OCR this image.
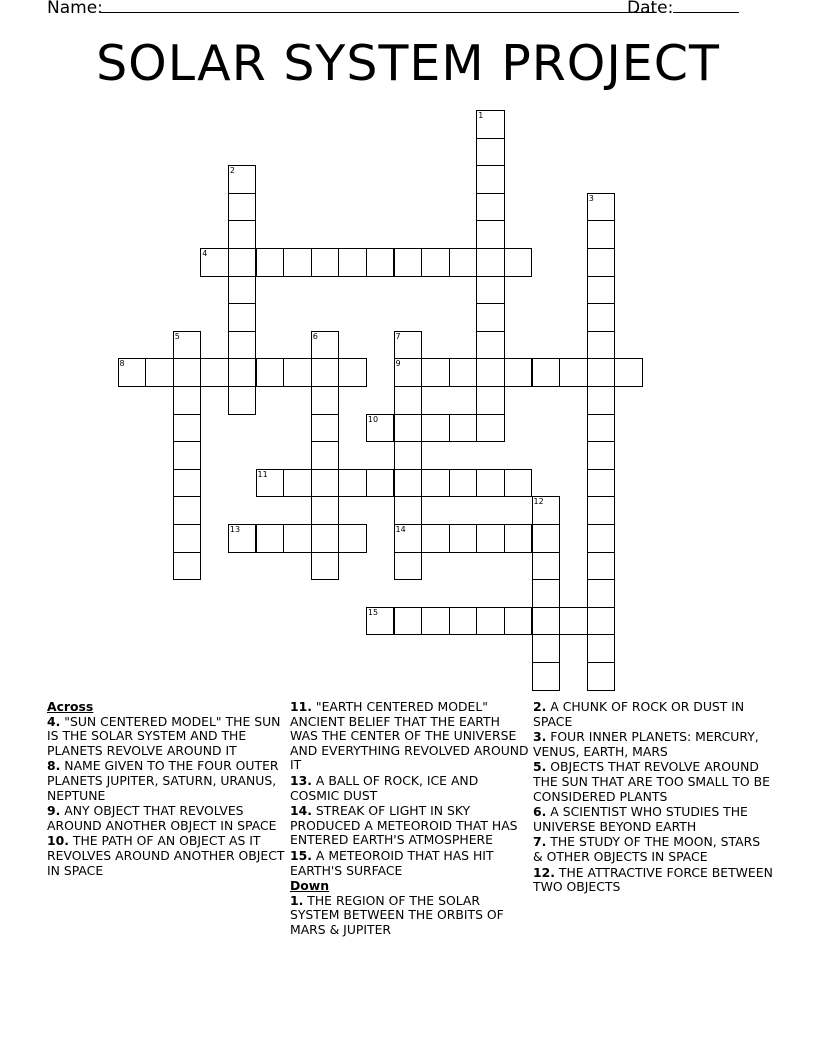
Name:	Date:
SOLAR SYSTEM PROJECT
1
2
3
4
5	6	7
9
14
8
10
11
12
13
15
Across
4. "SUN CENTERED MODEL" THE SUN IS THE SOLAR SYSTEM AND THE PLANETS REVOLVE AROUND IT
8. NAME GIVEN TO THE FOUR OUTER PLANETS JUPITER, SATURN, URANUS, NEPTUNE
9. ANY OBJECT THAT REVOLVES AROUND ANOTHER OBJECT IN SPACE
10. THE PATH OF AN OBJECT AS IT REVOLVES AROUND ANOTHER OBJECT IN SPACE
11. "EARTH CENTERED MODEL" ANCIENT BELIEF THAT THE EARTH WAS THE CENTER OF THE UNIVERSE AND EVERYTHING REVOLVED AROUND IT
13. A BALL OF ROCK, ICE AND COSMIC DUST
14. STREAK OF LIGHT IN SKY PRODUCED A METEOROID THAT HAS ENTERED EARTH'S ATMOSPHERE
15. A METEOROID THAT HAS HIT EARTH'S SURFACE
Down
1. THE REGION OF THE SOLAR SYSTEM BETWEEN THE ORBITS OF MARS & JUPITER
2. A CHUNK OF ROCK OR DUST IN SPACE
3. FOUR INNER PLANETS: MERCURY, VENUS, EARTH, MARS
5. OBJECTS THAT REVOLVE AROUND THE SUN THAT ARE TOO SMALL TO BE CONSIDERED PLANTS
6. A SCIENTIST WHO STUDIES THE UNIVERSE BEYOND EARTH
7. THE STUDY OF THE MOON, STARS & OTHER OBJECTS IN SPACE
12. THE ATTRACTIVE FORCE BETWEEN TWO OBJECTS
